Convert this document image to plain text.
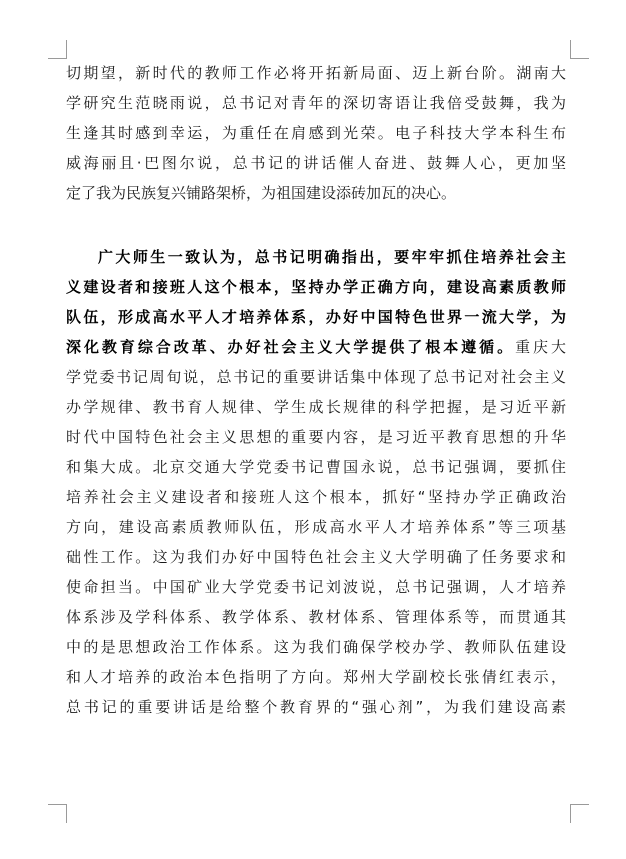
切期望，新时代的教师工作必将开拓新局面、迈上新台阶。湖南大
学研究生范晓雨说，总书记对青年的深切寄语让我倍受鼓舞，我为
生逢其时感到幸运，为重任在肩感到光荣。电子科技大学本科生布
威海丽且·巴图尔说，总书记的讲话催人奋进、鼓舞人心，更加坚
定了我为民族复兴铺路架桥，为祖国建设添砖加瓦的决心。
广大师生一致认为，总书记明确指出，要牢牢抓住培养社会主
义建设者和接班人这个根本，坚持办学正确方向，建设高素质教师
队伍，形成高水平人才培养体系，办好中国特色世界一流大学，为
深化教育综合改革、办好社会主义大学提供了根本遵循。重庆大
学党委书记周旬说，总书记的重要讲话集中体现了总书记对社会主义
办学规律、教书育人规律、学生成长规律的科学把握，是习近平新
时代中国特色社会主义思想的重要内容，是习近平教育思想的升华
和集大成。北京交通大学党委书记曹国永说，总书记强调，要抓住
培养社会主义建设者和接班人这个根本，抓好“坚持办学正确政治
方向，建设高素质教师队伍，形成高水平人才培养体系”等三项基
础性工作。这为我们办好中国特色社会主义大学明确了任务要求和
使命担当。中国矿业大学党委书记刘波说，总书记强调，人才培养
体系涉及学科体系、教学体系、教材体系、管理体系等，而贯通其
中的是思想政治工作体系。这为我们确保学校办学、教师队伍建设
和人才培养的政治本色指明了方向。郑州大学副校长张倩红表示，
总书记的重要讲话是给整个教育界的“强心剂”，为我们建设高素
